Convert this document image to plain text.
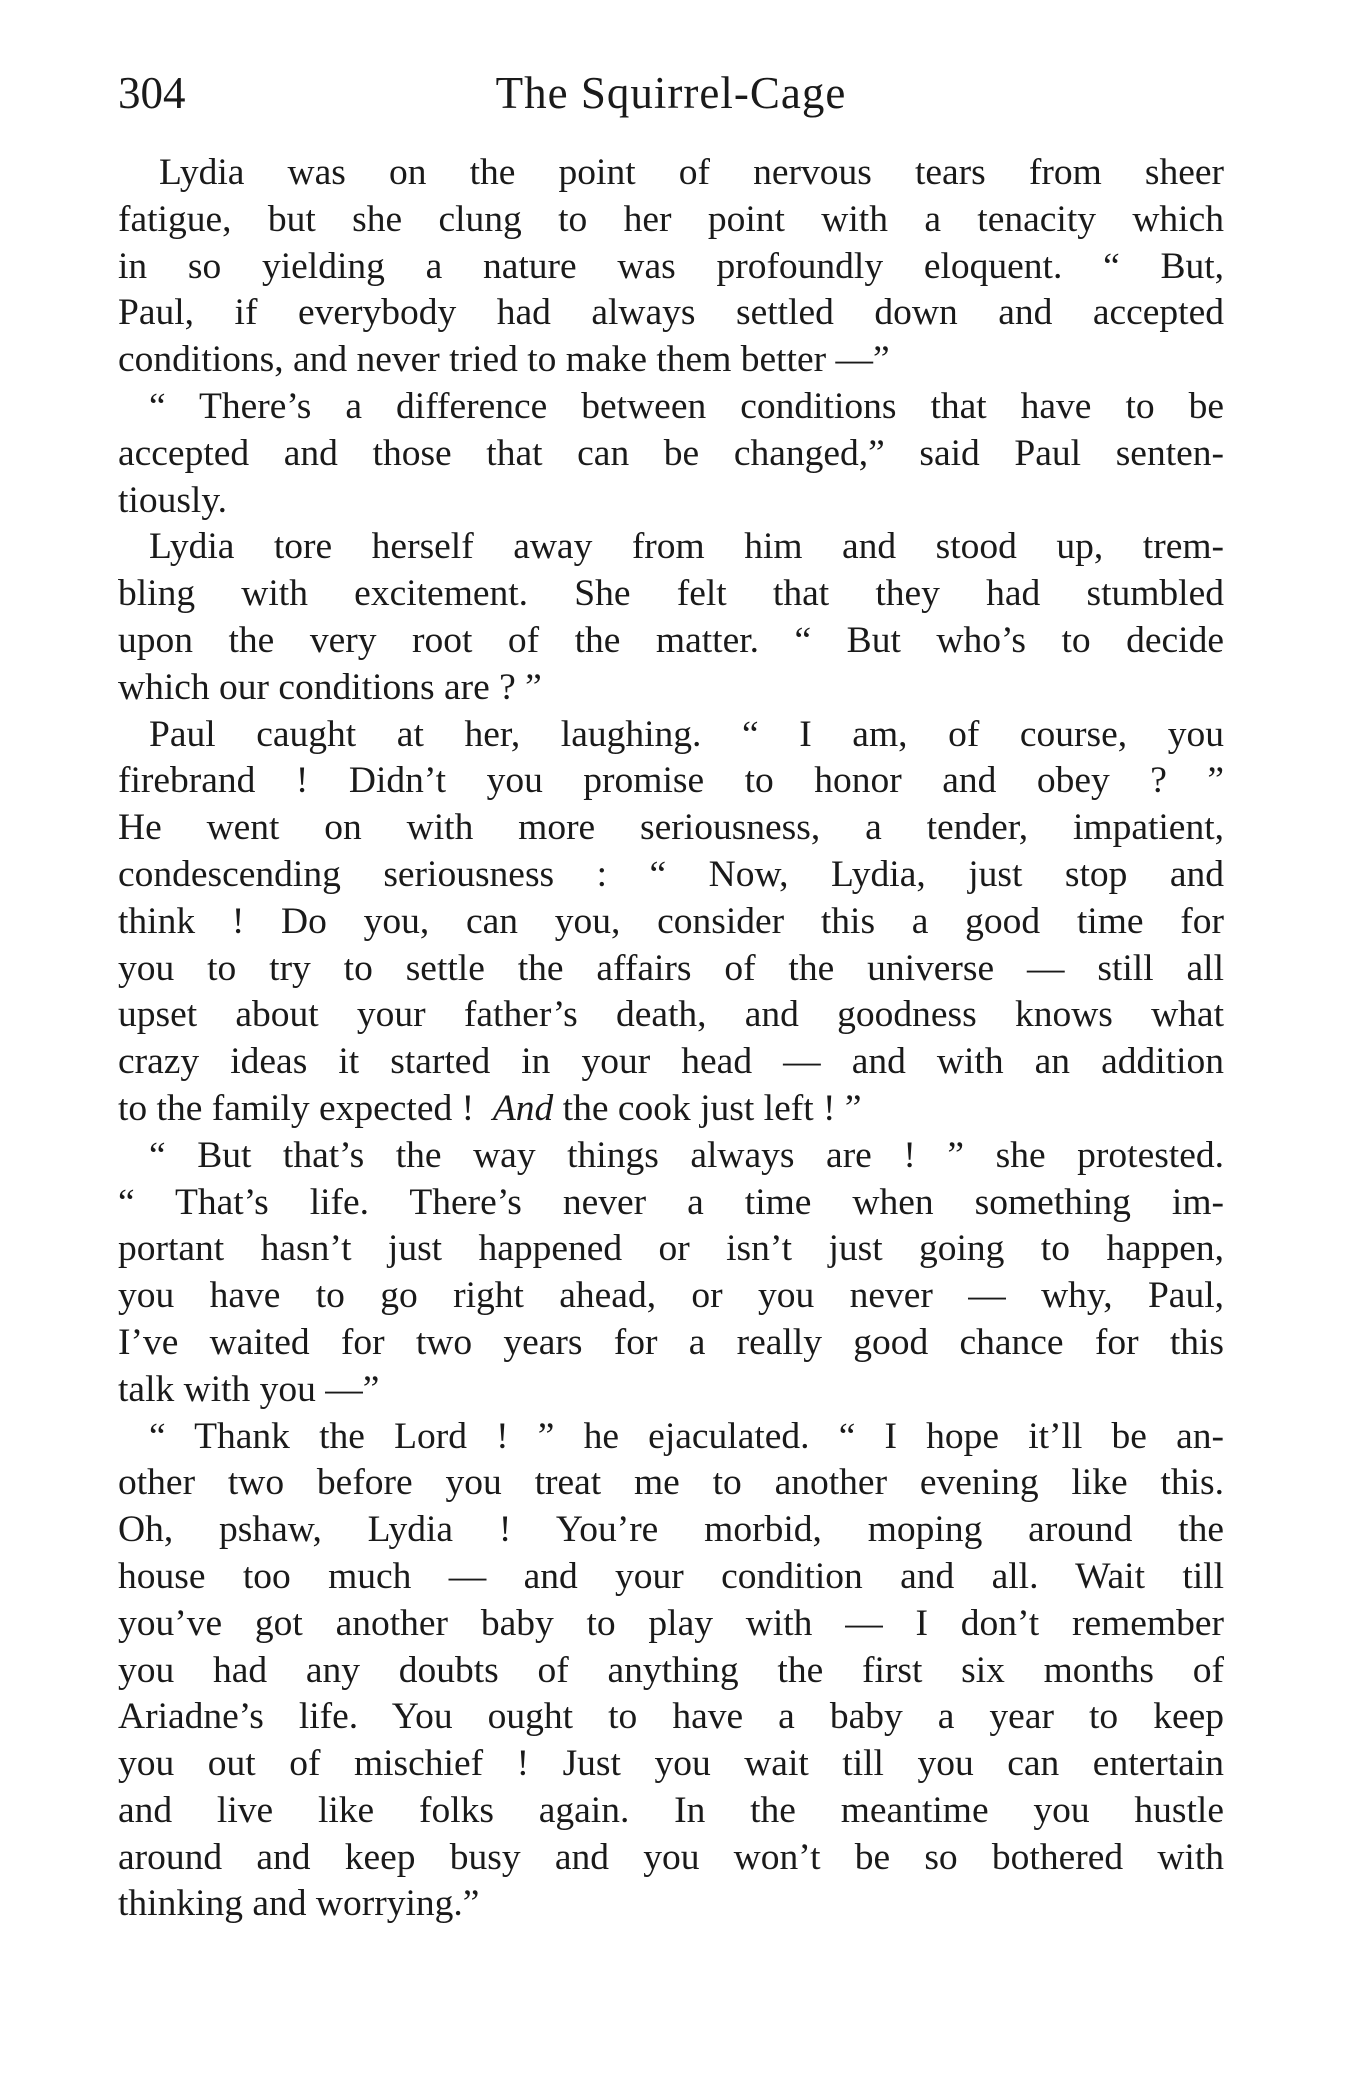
304	The Squirrel-Cage
Lydia was on the point of nervous tears from sheer
fatigue, but she clung to her point with a tenacity which
in so yielding a nature was profoundly eloquent. “ But,
Paul, if everybody had always settled down and accepted
conditions, and never tried to make them better —”
“ There’s a difference between conditions that have to be
accepted and those that can be changed,” said Paul senten-
tiously.
Lydia tore herself away from him and stood up, trem-
bling with excitement. She felt that they had stumbled
upon the very root of the matter. “ But who’s to decide
which our conditions are ? ”
Paul caught at her, laughing. “ I am, of course, you
firebrand ! Didn’t you promise to honor and obey ? ”
He went on with more seriousness, a tender, impatient,
condescending seriousness : “ Now, Lydia, just stop and
think ! Do you, can you, consider this a good time for
you to try to settle the affairs of the universe — still all
upset about your father’s death, and goodness knows what
crazy ideas it started in your head — and with an addition
to the family expected ! And the cook just left ! ”
“ But that’s the way things always are ! ” she protested.
“ That’s life. There’s never a time when something im-
portant hasn’t just happened or isn’t just going to happen,
you have to go right ahead, or you never — why, Paul,
I’ve waited for two years for a really good chance for this
talk with you —”
“ Thank the Lord ! ” he ejaculated. “ I hope it’ll be an-
other two before you treat me to another evening like this.
Oh, pshaw, Lydia ! You’re morbid, moping around the
house too much — and your condition and all. Wait till
you’ve got another baby to play with — I don’t remember
you had any doubts of anything the first six months of
Ariadne’s life. You ought to have a baby a year to keep
you out of mischief ! Just you wait till you can entertain
and live like folks again. In the meantime you hustle
around and keep busy and you won’t be so bothered with
thinking and worrying.”
